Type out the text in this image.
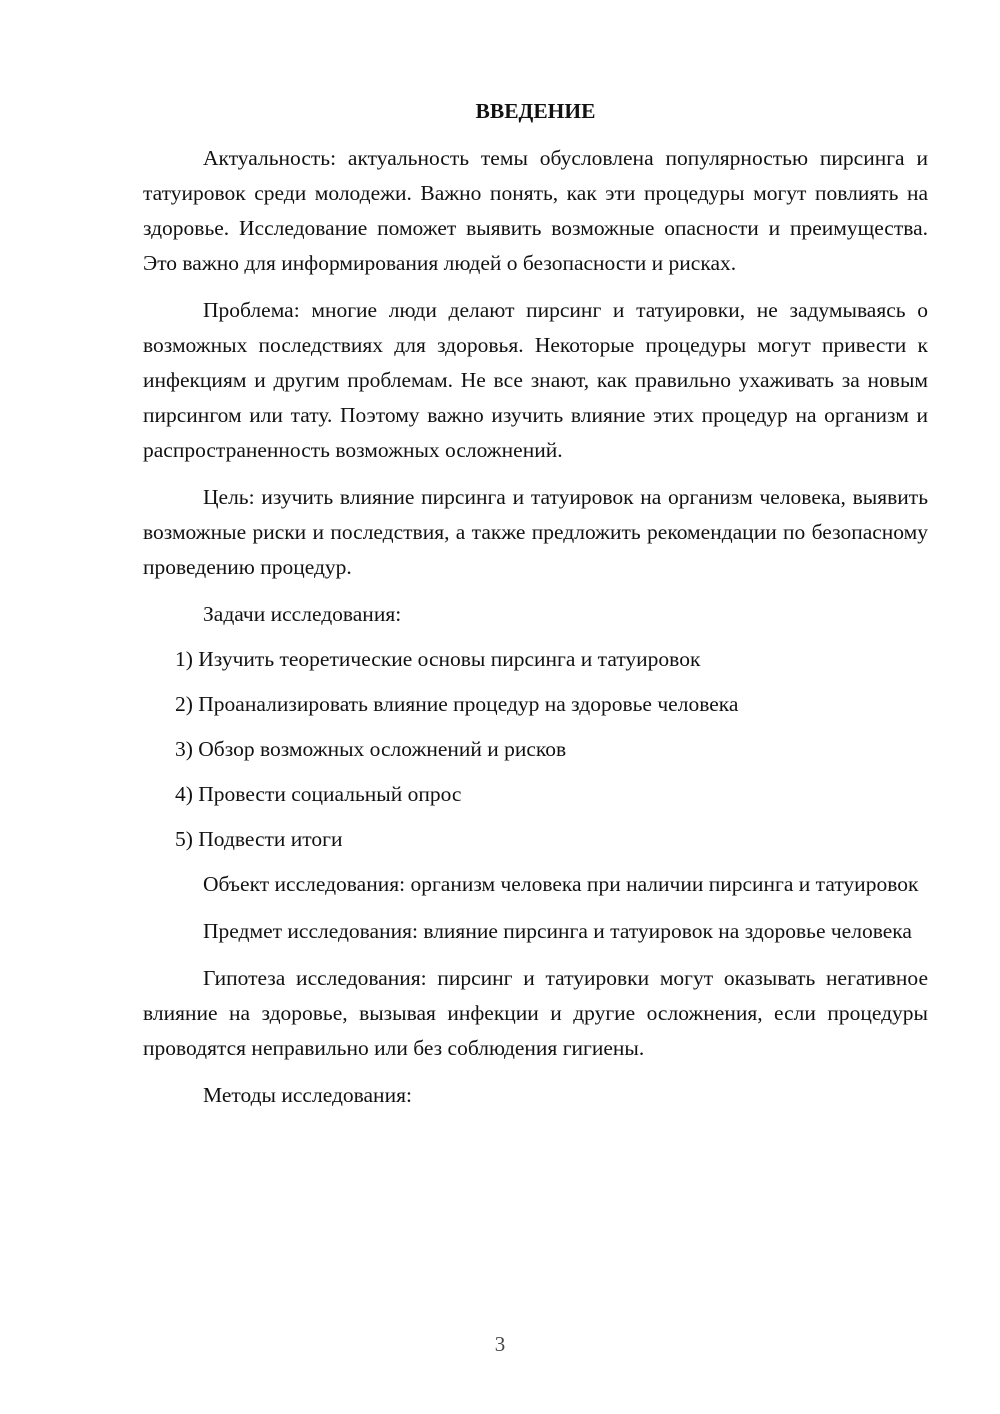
ВВЕДЕНИЕ

Актуальность: актуальность темы обусловлена популярностью пирсинга и татуировок среди молодежи. Важно понять, как эти процедуры могут повлиять на здоровье. Исследование поможет выявить возможные опасности и преимущества. Это важно для информирования людей о безопасности и рисках.

Проблема: многие люди делают пирсинг и татуировки, не задумываясь о возможных последствиях для здоровья. Некоторые процедуры могут привести к инфекциям и другим проблемам. Не все знают, как правильно ухаживать за новым пирсингом или тату. Поэтому важно изучить влияние этих процедур на организм и распространенность возможных осложнений.

Цель: изучить влияние пирсинга и татуировок на организм человека, выявить возможные риски и последствия, а также предложить рекомендации по безопасному проведению процедур.

Задачи исследования:
1) Изучить теоретические основы пирсинга и татуировок
2) Проанализировать влияние процедур на здоровье человека
3) Обзор возможных осложнений и рисков
4) Провести социальный опрос
5) Подвести итоги

Объект исследования: организм человека при наличии пирсинга и татуировок

Предмет исследования: влияние пирсинга и татуировок на здоровье человека

Гипотеза исследования: пирсинг и татуировки могут оказывать негативное влияние на здоровье, вызывая инфекции и другие осложнения, если процедуры проводятся неправильно или без соблюдения гигиены.

Методы исследования:
3
